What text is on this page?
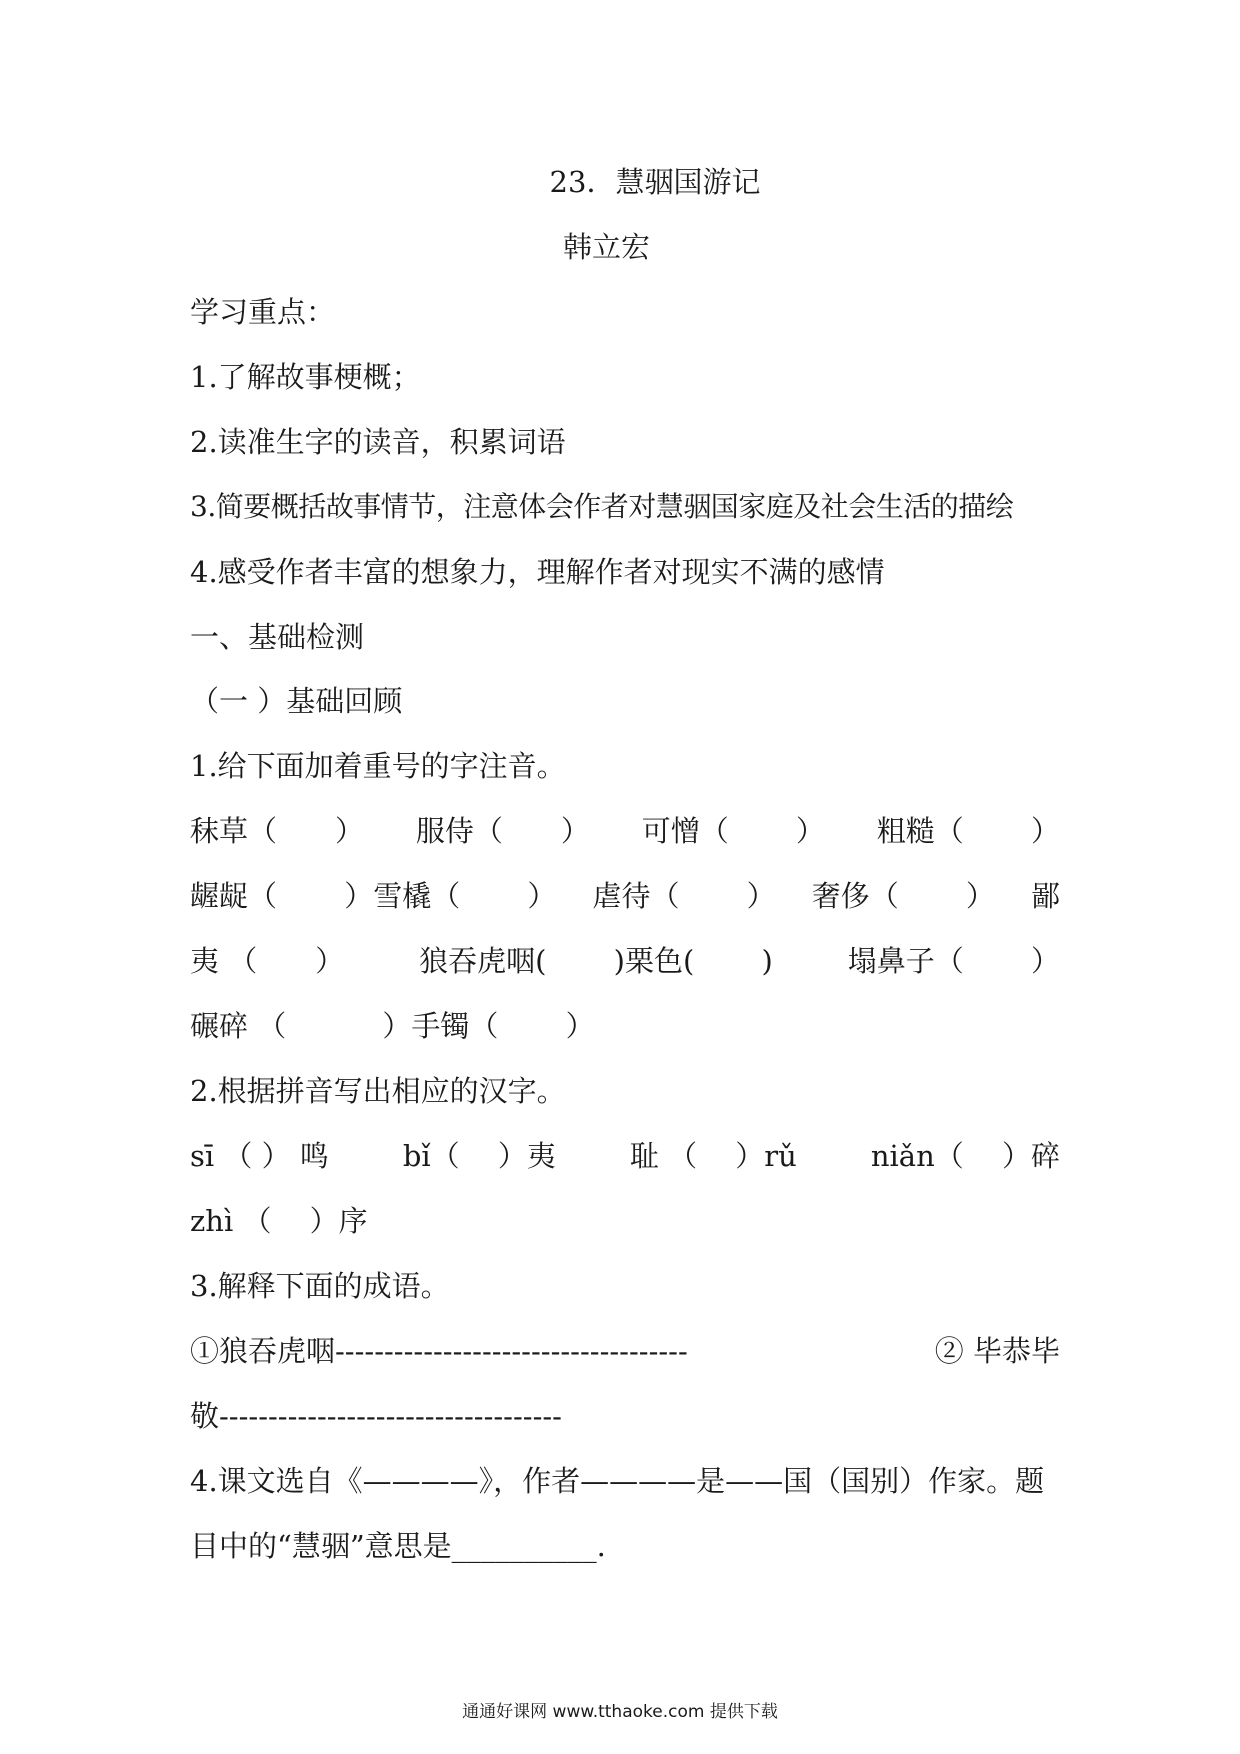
23．慧骃国游记
韩立宏
学习重点：
1.了解故事梗概；
2.读准生字的读音，积累词语
3.简要概括故事情节，注意体会作者对慧骃国家庭及社会生活的描绘
4.感受作者丰富的想象力，理解作者对现实不满的感情
一、基础检测
（一 ）基础回顾
1.给下面加着重号的字注音。
秣草（　　） 服侍（　　） 可憎（　　 ） 粗糙（　　 ）
龌龊（　　 ）雪橇（　　 ） 虐待（　　 ） 奢侈（　　 ） 鄙
夷 （　　）	狼吞虎咽(　　 )栗色(　　 )	塌鼻子（　　 ）
碾碎 （　　　 ）手镯（　　 ）
2.根据拼音写出相应的汉字。
sī （ ） 鸣	bǐ（　 ）夷	耻 （　 ）rǔ	niǎn（　 ）碎
zhì （ 　）序
3.解释下面的成语。
①狼吞虎咽------------------------------------	② 毕恭毕
敬-----------------------------------
4.课文选自《————》，作者————是——国（国别）作家。题
目中的“慧骃”意思是__________.
通通好课网 www.tthaoke.com 提供下载
